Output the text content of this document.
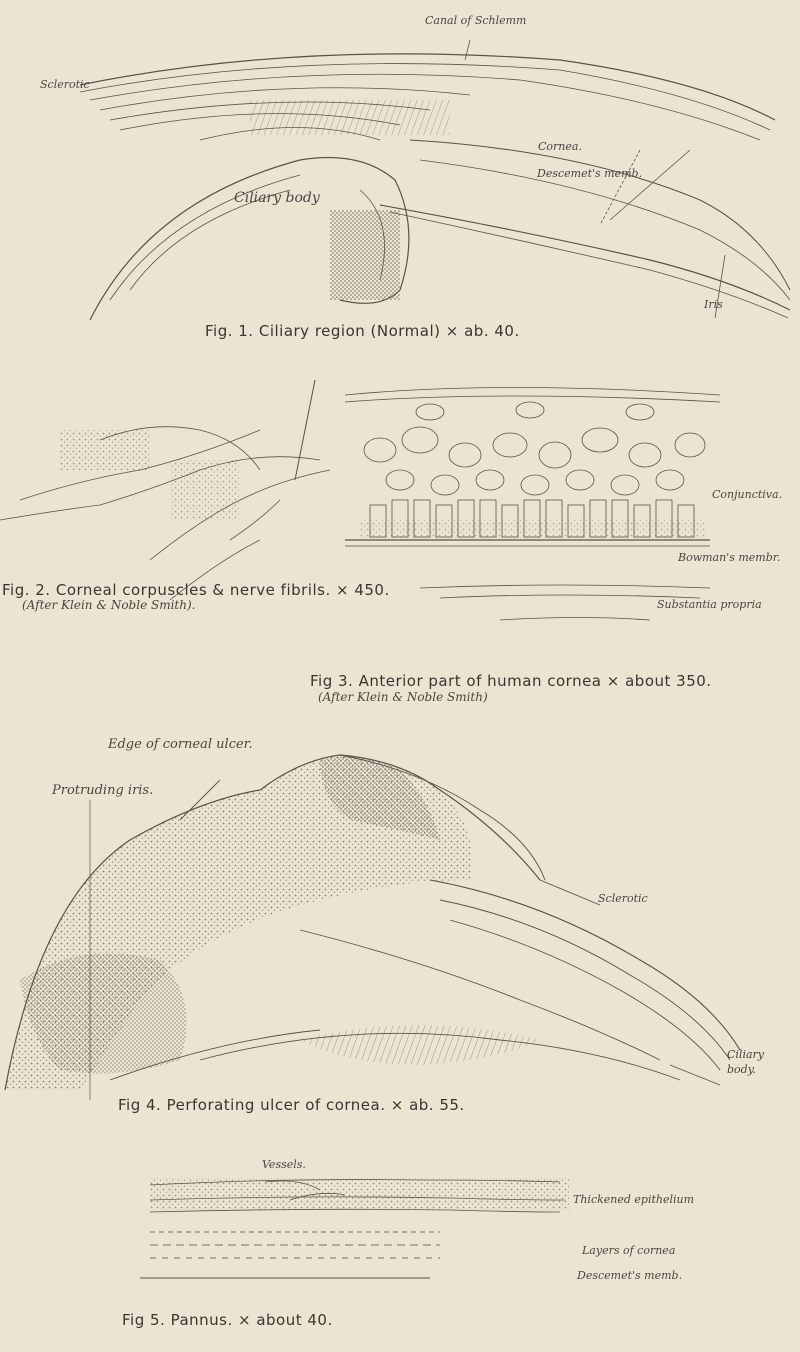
Canal of Schlemm
Sclerotic
Cornea.
Descemet's memb.
Ciliary body
Iris
Fig. 1. Ciliary region (Normal) × ab. 40.
Conjunctiva.
Bowman's membr.
Fig. 2. Corneal corpuscles & nerve fibrils. × 450.
(After Klein & Noble Smith).	Substantia propria
Fig 3. Anterior part of human cornea × about 350.
(After Klein & Noble Smith)
Edge of corneal ulcer.
Protruding iris.
Sclerotic
Ciliary
body.
Fig 4. Perforating ulcer of cornea. × ab. 55.
Vessels.
Thickened epithelium
Layers of cornea
Descemet's memb.
Fig 5. Pannus. × about 40.
